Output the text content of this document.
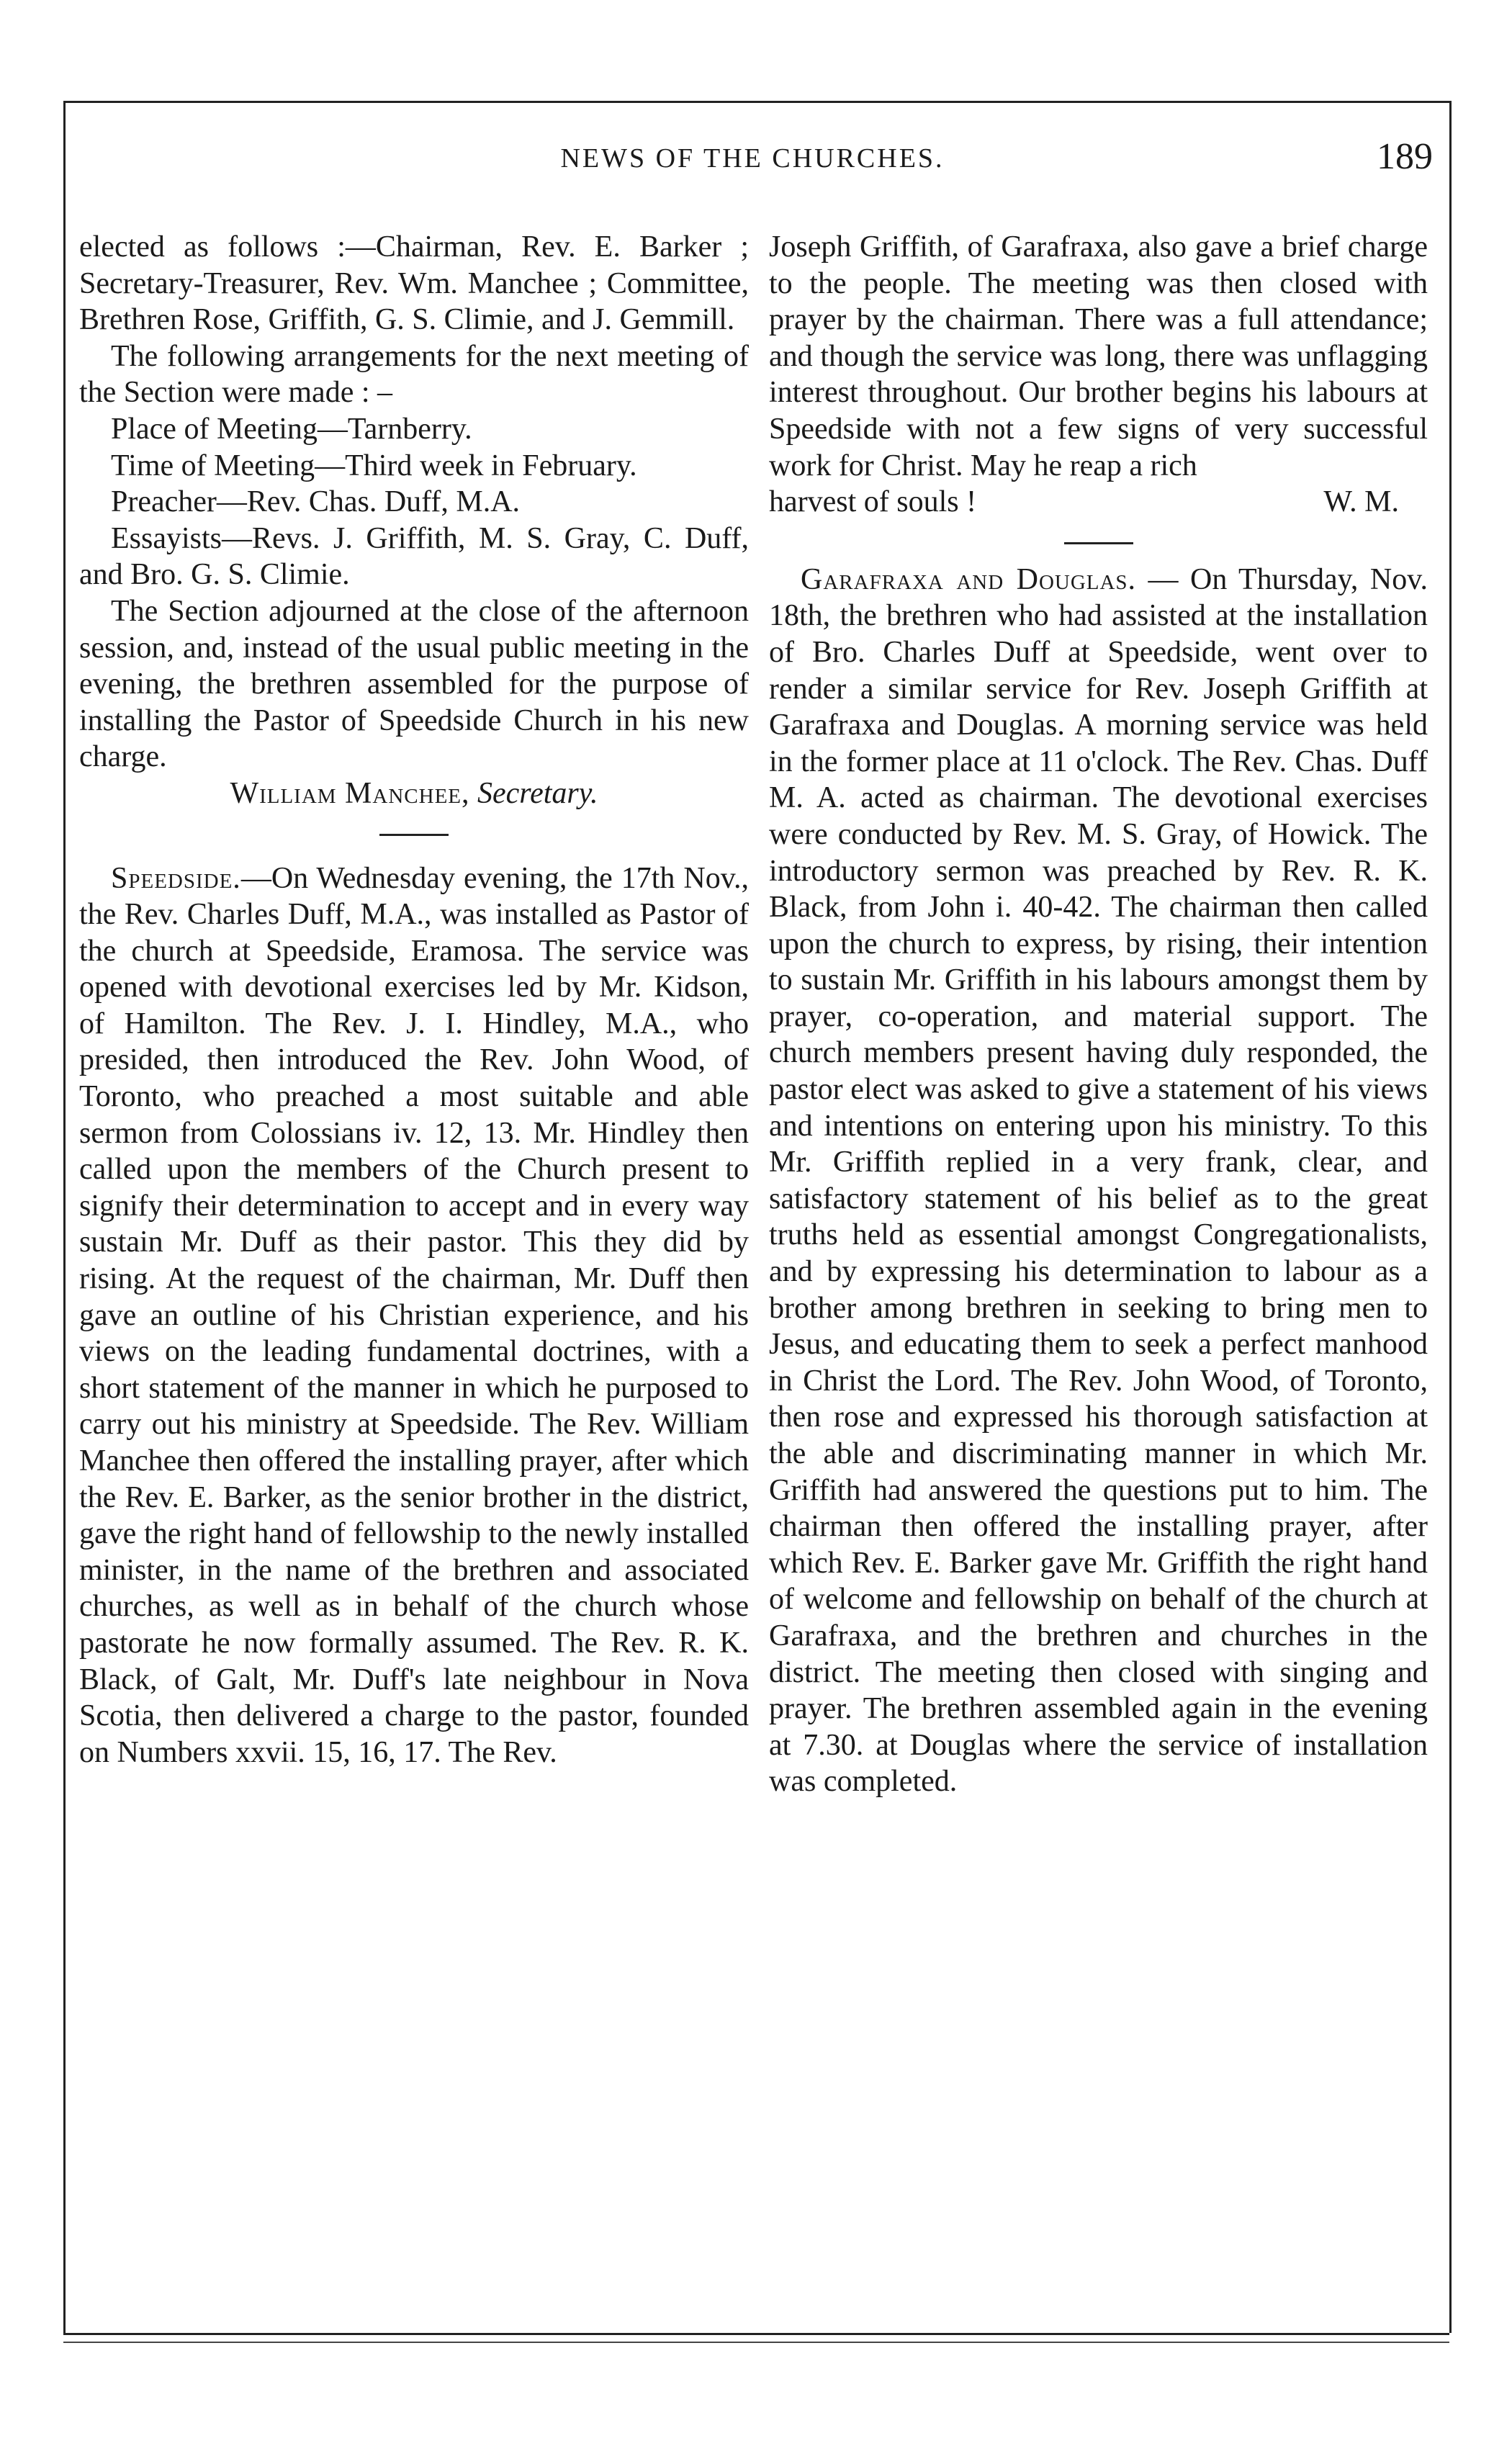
NEWS OF THE CHURCHES.	189

elected as follows :—Chairman, Rev. E. Barker ; Secretary-Treasurer, Rev. Wm. Manchee ; Committee, Brethren Rose, Griffith, G. S. Climie, and J. Gemmill.

The following arrangements for the next meeting of the Section were made : –

Place of Meeting—Tarnberry.

Time of Meeting—Third week in February.

Preacher—Rev. Chas. Duff, M.A.

Essayists—Revs. J. Griffith, M. S. Gray, C. Duff, and Bro. G. S. Climie.

The Section adjourned at the close of the afternoon session, and, instead of the usual public meeting in the evening, the brethren assembled for the purpose of installing the Pastor of Speedside Church in his new charge.

William Manchee, Secretary.

Speedside.—On Wednesday evening, the 17th Nov., the Rev. Charles Duff, M.A., was installed as Pastor of the church at Speedside, Eramosa. The service was opened with devotional exercises led by Mr. Kidson, of Hamilton. The Rev. J. I. Hindley, M.A., who presided, then introduced the Rev. John Wood, of Toronto, who preached a most suitable and able sermon from Colossians iv. 12, 13. Mr. Hindley then called upon the members of the Church present to signify their determination to accept and in every way sustain Mr. Duff as their pastor. This they did by rising. At the request of the chairman, Mr. Duff then gave an outline of his Christian experience, and his views on the leading fundamental doctrines, with a short statement of the manner in which he purposed to carry out his ministry at Speedside. The Rev. William Manchee then offered the installing prayer, after which the Rev. E. Barker, as the senior brother in the district, gave the right hand of fellowship to the newly installed minister, in the name of the brethren and associated churches, as well as in behalf of the church whose pastorate he now formally assumed. The Rev. R. K. Black, of Galt, Mr. Duff's late neighbour in Nova Scotia, then delivered a charge to the pastor, founded on Numbers xxvii. 15, 16, 17. The Rev.

Joseph Griffith, of Garafraxa, also gave a brief charge to the people. The meeting was then closed with prayer by the chairman. There was a full attendance; and though the service was long, there was unflagging interest throughout. Our brother begins his labours at Speedside with not a few signs of very successful work for Christ. May he reap a rich

harvest of souls !	W. M.

Garafraxa and Douglas. — On Thursday, Nov. 18th, the brethren who had assisted at the installation of Bro. Charles Duff at Speedside, went over to render a similar service for Rev. Joseph Griffith at Garafraxa and Douglas. A morning service was held in the former place at 11 o'clock. The Rev. Chas. Duff M. A. acted as chairman. The devotional exercises were conducted by Rev. M. S. Gray, of Howick. The introductory sermon was preached by Rev. R. K. Black, from John i. 40-42. The chairman then called upon the church to express, by rising, their intention to sustain Mr. Griffith in his labours amongst them by prayer, co-operation, and material support. The church members present having duly responded, the pastor elect was asked to give a statement of his views and intentions on entering upon his ministry. To this Mr. Griffith replied in a very frank, clear, and satisfactory statement of his belief as to the great truths held as essential amongst Congregationalists, and by expressing his determination to labour as a brother among brethren in seeking to bring men to Jesus, and educating them to seek a perfect manhood in Christ the Lord. The Rev. John Wood, of Toronto, then rose and expressed his thorough satisfaction at the able and discriminating manner in which Mr. Griffith had answered the questions put to him. The chairman then offered the installing prayer, after which Rev. E. Barker gave Mr. Griffith the right hand of welcome and fellowship on behalf of the church at Garafraxa, and the brethren and churches in the district. The meeting then closed with singing and prayer. The brethren assembled again in the evening at 7.30. at Douglas where the service of installation was completed.
